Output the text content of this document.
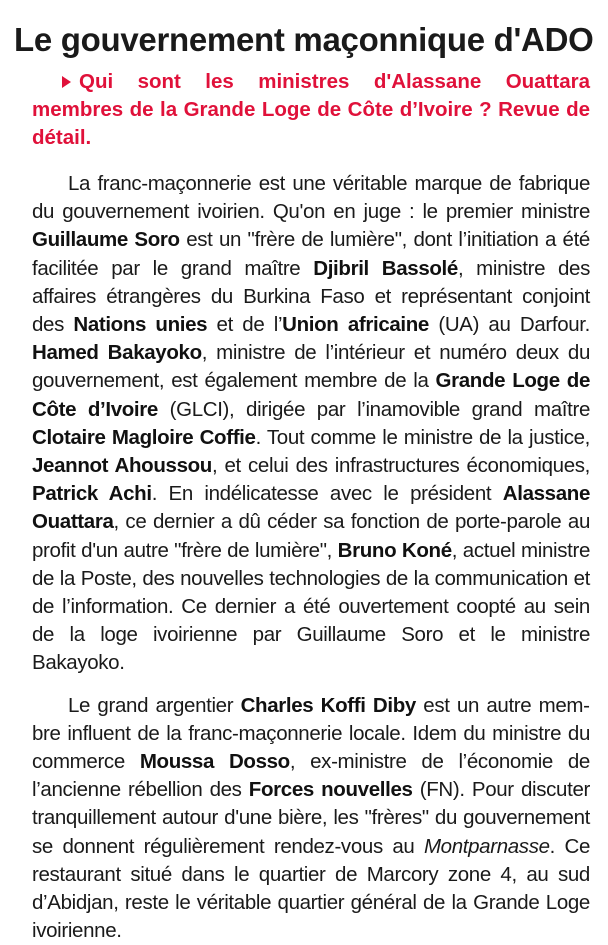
Le gouvernement maçonnique d'ADO

Qui sont les ministres d'Alassane Ouattara membres de la Grande Loge de Côte d’Ivoire ? Revue de détail.

La franc-maçonnerie est une véritable marque de fabrique du gouvernement ivoirien. Qu'on en juge : le premier ministre Guillaume Soro est un "frère de lumière", dont l’initiation a été facilitée par le grand maître Djibril Bassolé, ministre des affaires étrangères du Burkina Faso et représentant conjoint des Nations unies et de l’Union africaine (UA) au Darfour. Hamed Bakayoko, ministre de l’intérieur et numéro deux du gouvernement, est également membre de la Grande Loge de Côte d’Ivoire (GLCI), dirigée par l’inamovible grand maître Clotaire Magloire Coffie. Tout comme le ministre de la justice, Jeannot Ahoussou, et celui des infrastructures économiques, Patrick Achi. En indélicatesse avec le président Alassane Ouattara, ce dernier a dû céder sa fonction de porte-parole au profit d'un autre "frère de lumière", Bruno Koné, actuel ministre de la Poste, des nouvelles technologies de la communication et de l’information. Ce dernier a été ouvertement coopté au sein de la loge ivoirienne par Guillaume Soro et le ministre Bakayoko.

Le grand argentier Charles Koffi Diby est un autre membre influent de la franc-maçonnerie locale. Idem du ministre du commerce Moussa Dosso, ex-ministre de l’économie de l’ancienne rébellion des Forces nouvelles (FN). Pour discuter tranquillement autour d'une bière, les "frères" du gouvernement se donnent régulièrement rendez-vous au Montparnasse. Ce restaurant situé dans le quartier de Marcory zone 4, au sud d’Abidjan, reste le véritable quartier général de la Grande Loge ivoirienne.
